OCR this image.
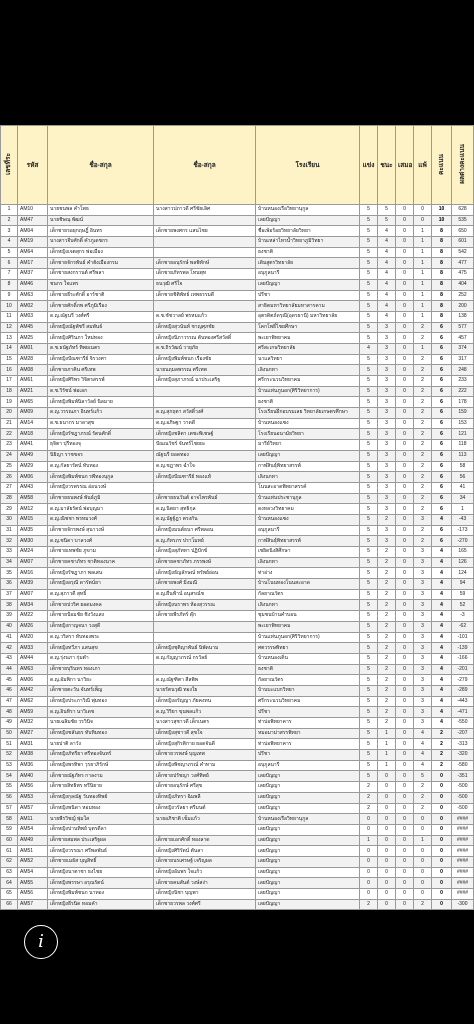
เลขที่ระ	รหัส	ชื่อ-สกุล	ชื่อ-สกุล	โรงเรียน	แข่ง	ชนะ	เสมอ	แพ้	คะแนน	ผลต่างคะแนน
1	AM10	นายชนพล คำโพธ	นางสาวปภาวดี ศรีชัยเลิศ	บ้านหนองเรือวิทยานุกูล	5	5	0	0	10	628
2	AM47	นายชิษณุ พัฒน์		เลยปัญญา	5	5	0	0	10	535
3	AM04	เด็กชายรอยุกฤษฎิ์ อินทร	เด็กชายพงศกร แสนไชย	ชื่อเพ้อร้อยวิทยาลัยวิทยา	5	4	0	1	8	650
4	AM19	นางสาวจีบศักดิ์ คำภูเดชกร		บ้านเหล่าไทรน้ำวิทยาภูมิวิทยา	5	4	0	1	8	601
5	AM64	เด็กหญิงเจตสุกร พ่อเมือง		ธงชาติ	5	4	0	1	8	542
6	AM17	เด็กชายจักรพันธ์ คำฮังเมืองกรม	เด็กชายอนุรักษ์ พลพิทักษ์	เดิมสูตรวิทยาลัย	5	4	0	1	8	477
7	AM37	เด็กชายสงกรานต์ ศรีพลา	เด็กชายภัทรพล โทนพุท	อนุกูลนารี	5	4	0	1	8	475
8	AM46	ชนกร ใจแพร	ธนวุฒิ ศรีใจ	เลยปัญญา	5	4	0	1	8	404
9	AM63	เด็กชายธีระศักดิ์ อาร์ชาติ	เด็กชายชิติพัทธ์ เทพธรรมดี	ปรีชา	5	4	0	1	8	252
10	AM02	เด็กชายศักดิ์ภพ ศรีภูมิเรือง		สาธิตมหาวิทยาลัยมหาสารคาม	5	4	0	1	8	200
11	AM03	ด.ญ.ณัฐนรี วงศ์ศรี	ด.ช.ชัชวาลย์ พรหมแก้ว	อุตรดิตถ์ดรุณี(อุดรธานี) มหาวิทยาลัย	5	4	0	1	8	138
12	AM45	เด็กหญิงณัฐพัชรี สมพันธ์	เด็กหญิงสุวนันท์ ชาญศุภชัย	โคกโพธิ์ไชยศึกษา	5	3	0	2	6	577
13	AM25	เด็กหญิงศิรินภา ใหม่ทอง	เด็กหญิงนิภาวรรณ ตันทองศรีสวัสดิ์	พะเยาพิทยาคม	5	3	0	2	6	457
14	AM01	ด.ช.ธนัฐภัทร์ ทิพยเนตร	ด.ช.ถิรวัฒน์ วายุภัย	ศรีสะเกษวิทยาลัย	4	3	0	1	6	374
15	AM28	เด็กหญิงปัณฑารีย์ จิรวงศา	เด็กหญิงพิมพ์ชนก เรืองชัย	นาแลวิทยา	5	3	0	2	6	317
16	AM08	เด็กชายภาคิน ศรีเทพ	นายนฤมลพรรณ ศรีเทพ	เลิงนกทา	5	3	0	2	6	248
17	AM61	เด็กหญิงศิริพร วิจิตรสรรพ์	เด็กหญิงสุภาภรณ์ นาประเสริฐ	ศรีกระนวนวิทยาคม	5	3	0	2	6	233
18	AM21	ด.ช.วิรัชน์ พ่อเอก		บ้านแท่นภูนอก(ศิริวิทยาการ)	5	3	0	2	6	222
19	AM65	เด็กหญิงพิมพ์นิลาวัลย์ นิลมาย		ธงชาติ	5	3	0	2	6	178
20	AM09	ด.ญ.วรรณภา อินทร์แก้ว	ด.ญ.สุกฤตา สวัสดิ์วงศ์	โรงเรียนฝึกอบรมเลย วิทยาลัยเกษตรศึกษา	5	3	0	2	6	159
21	AM14	ด.ช.ธนากร มาลาสุข	ด.ญ.อภิษฐา วาดดี	บ้านหนองแซง	5	3	0	2	6	153
22	AM18	เด็กหญิงรัชฎาภรณ์ รัตนศักดิ์	เด็กหญิงชลิตา เตชะพิเชษฐ์	โรงเรียนอนามัยวิทยา	5	3	0	2	6	121
23	AM41	ธุจิตา ปุรีทองจุ	ปัณณวัชร์ จันทร์ไชยยะ	มารีย์วิทยา	5	3	0	2	6	118
24	AM49	นิธิญา ราชขจร	ณัฐนรี ยอดทอง	เลยปัญญา	5	3	0	2	6	113
25	AM29	ด.ญ.กัลยารัตน์ ทับทอง	ด.ญ.ชฎาพร ฉ่ำใจ	กาฬสินธุ์พิทยาสรรพ์	5	3	0	2	6	58
26	AM06	เด็กหญิงพิมพ์ชนก รพีทองนุกูล	เด็กหญิงปัณฑารีย์ ทองแท้	เลิงนกทา	5	3	0	2	6	56
27	AM43	เด็กหญิงวรพรรณ อ่อนวงษ์		โนนสะอาดพิทยาสรรค์	5	3	0	2	6	41
28	AM58	เด็กชายธนพงษ์ พันธ์ภูมิ	เด็กชายธนวันต์ อาจไพรพันธ์	บ้านแท่นประชานุกูล	5	3	0	2	6	34
29	AM12	ด.ญ.มาลัยรัตน์ พ่อบุญมา	ด.ญ.นิตยา สุทธิกุล	ดงหลวงวิทยาคม	5	3	0	2	6	1
30	AM15	ด.ญ.ณิชชา พรหมวงศ์	ด.ญ.นัฐฐ์ฎา ตรงกัน	บ้านหนองแซง	5	2	0	3	4	-43
31	AM35	เด็กชายจักรพงษ์ สุนาวงษ์	เด็กหญิงมนต์ธนา ศรีพลอน	อนุกูลนารี	5	3	0	2	6	-173
32	AM30	ด.ญ.ชนิดา บาลวงศ์	ด.ญ.ภัทรภร ปราโมทย์	กาฬสินธุ์พิทยาสรรพ์	5	3	0	2	6	-270
33	AM24	เด็กชายเทพชัย ภูขาม	เด็กหญิงสุภัททา ปฏิปักข์	เชยิดนิงสิศึกษา	5	2	0	3	4	165
34	AM07	เด็กชายคชาภัทร ชาติทองนาค	เด็กชายคชาภัทร ภรรพงษ์	เลิงนกทา	5	2	0	3	4	126
35	AM16	เด็กหญิงรัชฎาภา พลเสน	เด็กหญิงธัญลักษณ์ ทรัพย์อ่อน	ท่าอ่าง	5	2	0	3	4	124
36	AM39	เด็กหญิงอรุณี ดารัตน์ยา	เด็กชายพงศ์ มิ่งมณี	บ้านโนนทองโนนสะอาด	5	2	0	3	4	94
37	AM07	ด.ญ.สุภาวดี สุทธิ์	ด.ญ.ผืนฟ้าน์ อนุสรณ์ช	กัลยาณวัตร	5	2	0	3	4	59
38	AM34	เด็กชายปวริศ ยอดมงคล	เด็กหญิงนราพร ห้องสุวรรณ	เลิงนกทา	5	2	0	3	4	52
39	AM22	เด็กชายป้อมชัย ชิงวังแสง	เด็กชายพีรภัทร์ ดุ๊ก	ชุมชนบ้านคำบอน	5	2	0	3	4	-3
40	AM26	เด็กหญิงกาญจนา วงสุดี		พะเยาพิทยาคม	5	2	0	3	4	-62
41	AM20	ด.ญ.วริสรา ทับทองพระ		บ้านแท่นภูนอก(ศิริวิทยาการ)	5	2	0	3	4	-101
42	AM33	เด็กหญิงทวีภา แสนสุข	เด็กหญิงชุติญาพันธ์ นิพัดนาม	ศตวรรษพิทยา	5	2	0	3	4	-139
43	AM44	ด.ญ.รุ่งนภา กุ่มตำ	ด.ญ.กัญญาภรณ์ กรวัลย์	บ้านหนองเดิ่น	5	2	0	3	4	-166
44	AM63	เด็กชายบุรินทร ทองเภา		ธงชาติ	5	2	0	3	4	-201
45	AM06	ด.ญ.อัมพิกา นาวิยะ	ด.ญ.ณัฐฑิตา สีลพิพ	กัลยาณวัตร	5	2	0	3	4	-279
46	AM42	เด็กชายตะวัน จันทร์เพ็ญ	นายรัตนวุฒิ ทองใย	บ้านบะแบกวิทยา	5	2	0	3	4	-289
47	AM62	เด็กหญิงประภาวิณี พุ่มทอง	เด็กหญิงอรัญญา ภัยคงทน	ศรีกระนวนวิทยาคม	5	2	0	3	4	-443
48	AM59	ด.ญ.อินทิรา นาวิเดช	ด.ญ.วิริยา ขุนพลแก้ว	ปรีชา	5	2	0	3	4	-471
49	AM32	นายเฉลิมชัย วรวินิจ	นางสาวสุชาวดี เด็กเนตร	ท่าบ่อพิทยาคาร	5	2	0	3	4	-550
50	AM27	เด็กหญิงชลันธร ทับทิมทอง	เด็กหญิงสุชาวดี สุขใจ	หมอมาม่าสรรพิทยา	5	1	0	4	2	-207
51	AM31	นายปาติ ลาวัง	เด็กหญิงสุกิรติกาย ยอดจันดี	ท่าบ่อพิทยาคาร	5	1	0	4	2	-313
52	AM38	เด็กหญิงภัทรียา ศรีทองจันทร์	เด็กชายวรพงษ์ บุญเทพ	ปรีชา	5	1	0	4	2	-320
53	AM36	เด็กหญิงพรทิพา วุรยาภิรักษ์	เด็กหญิงพิชญาภรณ์ คำทาม	อนุกูลนารี	5	1	0	4	2	-580
54	AM40	เด็กชายณัฐภัทร กาลงาม	เด็กชายปรัชญา วงศ์ทิพย์	เลยปัญญา	5	0	0	5	0	-351
55	AM56	เด็กชายสิทธิพร ทรีนิยาย	เด็กชายอนุรักษ์ ศรีสุข	เลยปัญญา	2	0	0	2	0	-500
56	AM53	เด็กหญิงกุลณัฐ วันทองทิพย์	เด็กหญิงภัทรา ฉิมพลี	เลยปัญญา	2	0	0	2	0	-500
57	AM57	เด็กหญิงพนิดา หอมทอง	เด็กหญิงวรัลยา ศรีมนต์	เลยปัญญา	2	0	0	2	0	-500
58	AM11	นายพีรวิชญ์ พุ่มใส	นายอภิชาติ เข็มแก้ว	บ้านหนองเรือวิทยานุกูล	0	0	0	0	0	####
59	AM54	เด็กหญิงปานทิพย์ บุตรดีลา		เลยปัญญา	0	0	0	0	0	####
60	AM49	เด็กชายสมพล ประเสริฐผล	เด็กชายเอกศักดิ์ ทองลาด	เลยปัญญา	1	0	0	1	0	####
61	AM51	เด็กหญิงวรรณา ศรีพลพันธ์	เด็กหญิงศิริรัตน์ ตันลา	เลยปัญญา	0	0	0	0	0	####
62	AM52	เด็กชายเมธัส บุญสิทธิ์	เด็กชายนรเศรษฐ์ เจริญผล	เลยปัญญา	0	0	0	0	0	####
63	AM54	เด็กหญิงนาตาชา ธงไชย	เด็กหญิงอัมพร ใจแก้ว	เลยปัญญา	0	0	0	0	0	####
64	AM55	เด็กหญิงพรรษา อรุณรัตน์	เด็กชายคมสันต์ วงษ์สง่า	เลยปัญญา	0	0	0	0	0	####
65	AM56	เด็กหญิงพิมพ์ชนก นาทอง	เด็กหญิงนิชา บุญพา	เลยปัญญา	0	0	0	0	0	####
66	AM57	เด็กหญิงธีรนิด หอมคำ	เด็กชายวรพล วงศ์ศรี	เลยปัญญา	2	0	0	2	0	-300
i
